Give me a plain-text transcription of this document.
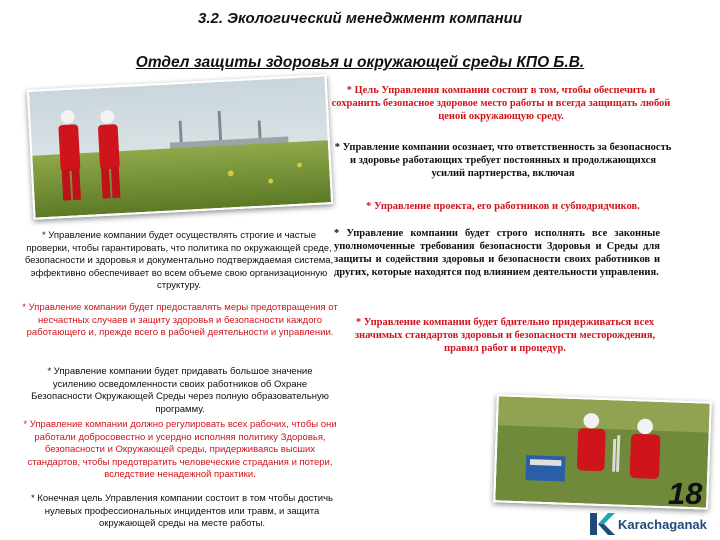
3.2. Экологический менеджмент компании
Отдел защиты здоровья и окружающей среды КПО Б.В.
* Цель Управления компании состоит в том, чтобы обеспечить и сохранить безопасное здоровое место работы и всегда защищать любой ценой окружающую среду.
* Управление компании осознает, что ответственность за безопасность и здоровье работающих требует постоянных и продолжающихся усилий партнерства, включая
* Управление проекта, его работников и субподрядчиков.
* Управление компании будет осуществлять строгие и частые проверки, чтобы гарантировать, что политика по окружающей среде, безопасности и здоровья и документально подтверждаемая система, эффективно обеспечивает во всем объеме свою организационную структуру.
* Управление компании будет строго исполнять все законные уполномоченные требования безопасности Здоровья и Среды для защиты и содействия здоровья и безопасности своих работников и других, которые находятся под влиянием деятельности управления.
* Управление компании будет предоставлять меры предотвращения от несчастных случаев и защиту здоровья и безопасности каждого работающего и, прежде всего в рабочей деятельности и управлении.
* Управление компании будет бдительно придерживаться всех значимых стандартов здоровья и безопасности месторождения, правил работ и процедур.
* Управление компании будет придавать большое значение усилению осведомленности своих работников об Охране Безопасности Окружающей Среды через полную образовательную программу.
* Управление компании должно регулировать всех рабочих, чтобы они работали добросовестно и усердно исполняя политику Здоровья, безопасности и Окружающей среды, придерживаясь высших стандартов, чтобы предотвратить человеческие страдания и потери, вследствие ненадежной практики.
* Конечная цель Управления компании состоит в том чтобы достичь нулевых профессиональных инцидентов или травм, и защита окружающей среды на месте работы.
18
Karachaganak
